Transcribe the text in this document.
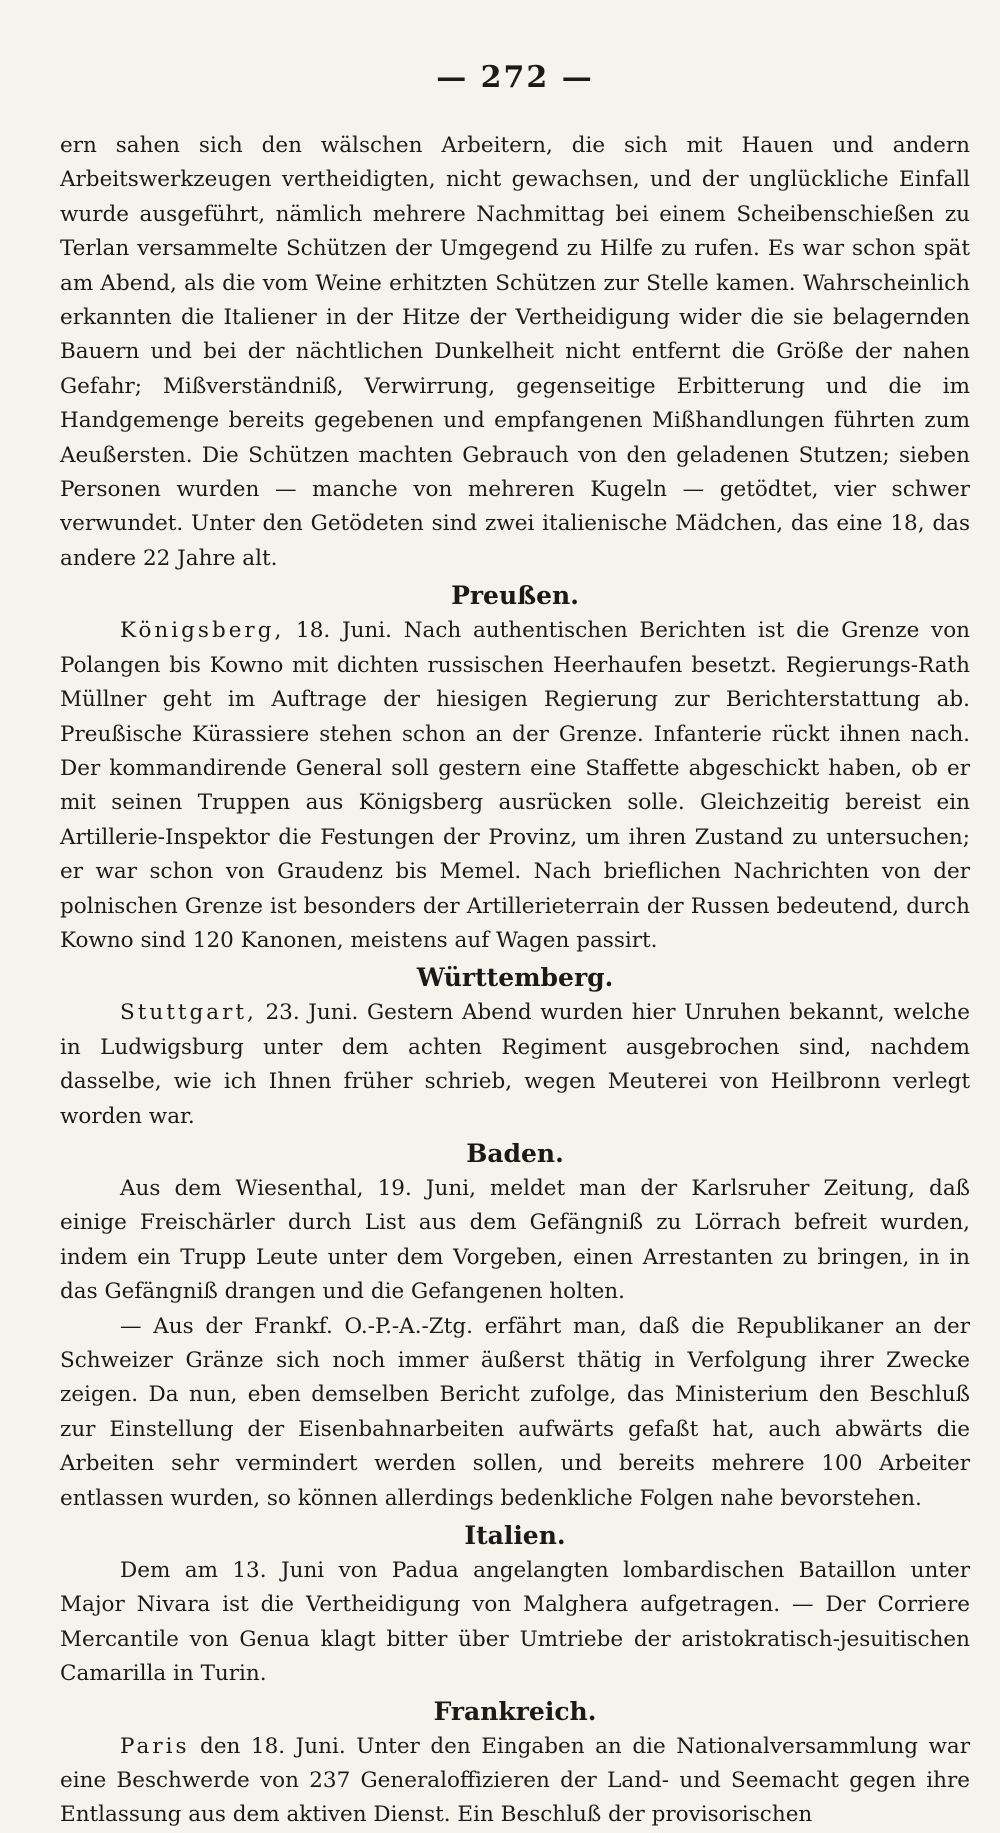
— 272 —

ern sahen sich den wälschen Arbeitern, die sich mit Hauen und andern Arbeitswerkzeugen vertheidigten, nicht gewachsen, und der unglückliche Einfall wurde ausgeführt, nämlich mehrere Nachmittag bei einem Scheibenschießen zu Terlan versammelte Schützen der Umgegend zu Hilfe zu rufen. Es war schon spät am Abend, als die vom Weine erhitzten Schützen zur Stelle kamen. Wahrscheinlich erkannten die Italiener in der Hitze der Vertheidigung wider die sie belagernden Bauern und bei der nächtlichen Dunkelheit nicht entfernt die Größe der nahen Gefahr; Mißverständniß, Verwirrung, gegenseitige Erbitterung und die im Handgemenge bereits gegebenen und empfangenen Mißhandlungen führten zum Aeußersten. Die Schützen machten Gebrauch von den geladenen Stutzen; sieben Personen wurden — manche von mehreren Kugeln — getödtet, vier schwer verwundet. Unter den Getödeten sind zwei italienische Mädchen, das eine 18, das andere 22 Jahre alt.

Preußen.

Königsberg, 18. Juni. Nach authentischen Berichten ist die Grenze von Polangen bis Kowno mit dichten russischen Heerhaufen besetzt. Regierungs-Rath Müllner geht im Auftrage der hiesigen Regierung zur Berichterstattung ab. Preußische Kürassiere stehen schon an der Grenze. Infanterie rückt ihnen nach. Der kommandirende General soll gestern eine Staffette abgeschickt haben, ob er mit seinen Truppen aus Königsberg ausrücken solle. Gleichzeitig bereist ein Artillerie-Inspektor die Festungen der Provinz, um ihren Zustand zu untersuchen; er war schon von Graudenz bis Memel. Nach brieflichen Nachrichten von der polnischen Grenze ist besonders der Artillerieterrain der Russen bedeutend, durch Kowno sind 120 Kanonen, meistens auf Wagen passirt.

Württemberg.

Stuttgart, 23. Juni. Gestern Abend wurden hier Unruhen bekannt, welche in Ludwigsburg unter dem achten Regiment ausgebrochen sind, nachdem dasselbe, wie ich Ihnen früher schrieb, wegen Meuterei von Heilbronn verlegt worden war.

Baden.

Aus dem Wiesenthal, 19. Juni, meldet man der Karlsruher Zeitung, daß einige Freischärler durch List aus dem Gefängniß zu Lörrach befreit wurden, indem ein Trupp Leute unter dem Vorgeben, einen Arrestanten zu bringen, in in das Gefängniß drangen und die Gefangenen holten.

— Aus der Frankf. O.-P.-A.-Ztg. erfährt man, daß die Republikaner an der Schweizer Gränze sich noch immer äußerst thätig in Verfolgung ihrer Zwecke zeigen. Da nun, eben demselben Bericht zufolge, das Ministerium den Beschluß zur Einstellung der Eisenbahnarbeiten aufwärts gefaßt hat, auch abwärts die Arbeiten sehr vermindert werden sollen, und bereits mehrere 100 Arbeiter entlassen wurden, so können allerdings bedenkliche Folgen nahe bevorstehen.

Italien.

Dem am 13. Juni von Padua angelangten lombardischen Bataillon unter Major Nivara ist die Vertheidigung von Malghera aufgetragen. — Der Corriere Mercantile von Genua klagt bitter über Umtriebe der aristokratisch-jesuitischen Camarilla in Turin.

Frankreich.

Paris den 18. Juni. Unter den Eingaben an die Nationalversammlung war eine Beschwerde von 237 Generaloffizieren der Land- und Seemacht gegen ihre Entlassung aus dem aktiven Dienst. Ein Beschluß der provisorischen
